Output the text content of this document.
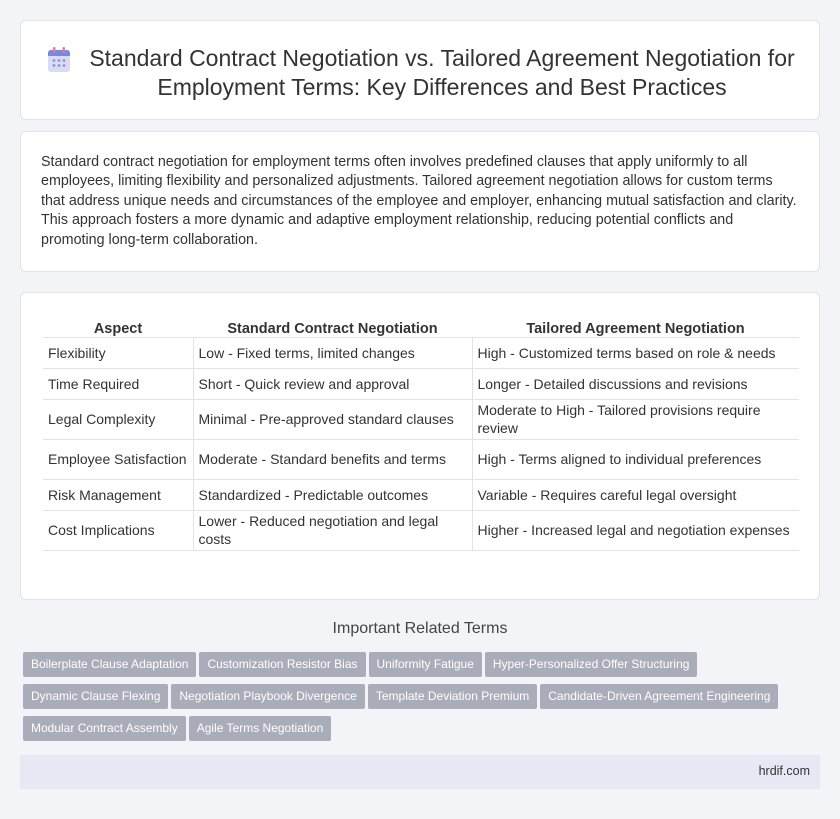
Standard Contract Negotiation vs. Tailored Agreement Negotiation for Employment Terms: Key Differences and Best Practices

Standard contract negotiation for employment terms often involves predefined clauses that apply uniformly to all employees, limiting flexibility and personalized adjustments. Tailored agreement negotiation allows for custom terms that address unique needs and circumstances of the employee and employer, enhancing mutual satisfaction and clarity. This approach fosters a more dynamic and adaptive employment relationship, reducing potential conflicts and promoting long-term collaboration.

Aspect	Standard Contract Negotiation	Tailored Agreement Negotiation
Flexibility	Low - Fixed terms, limited changes	High - Customized terms based on role & needs
Time Required	Short - Quick review and approval	Longer - Detailed discussions and revisions
Legal Complexity	Minimal - Pre-approved standard clauses	Moderate to High - Tailored provisions require review
Employee Satisfaction	Moderate - Standard benefits and terms	High - Terms aligned to individual preferences
Risk Management	Standardized - Predictable outcomes	Variable - Requires careful legal oversight
Cost Implications	Lower - Reduced negotiation and legal costs	Higher - Increased legal and negotiation expenses
Important Related Terms
Boilerplate Clause Adaptation Customization Resistor Bias Uniformity Fatigue Hyper-Personalized Offer StructuringDynamic Clause Flexing Negotiation Playbook Divergence Template Deviation Premium Candidate-Driven Agreement EngineeringModular Contract Assembly Agile Terms Negotiation
hrdif.com
